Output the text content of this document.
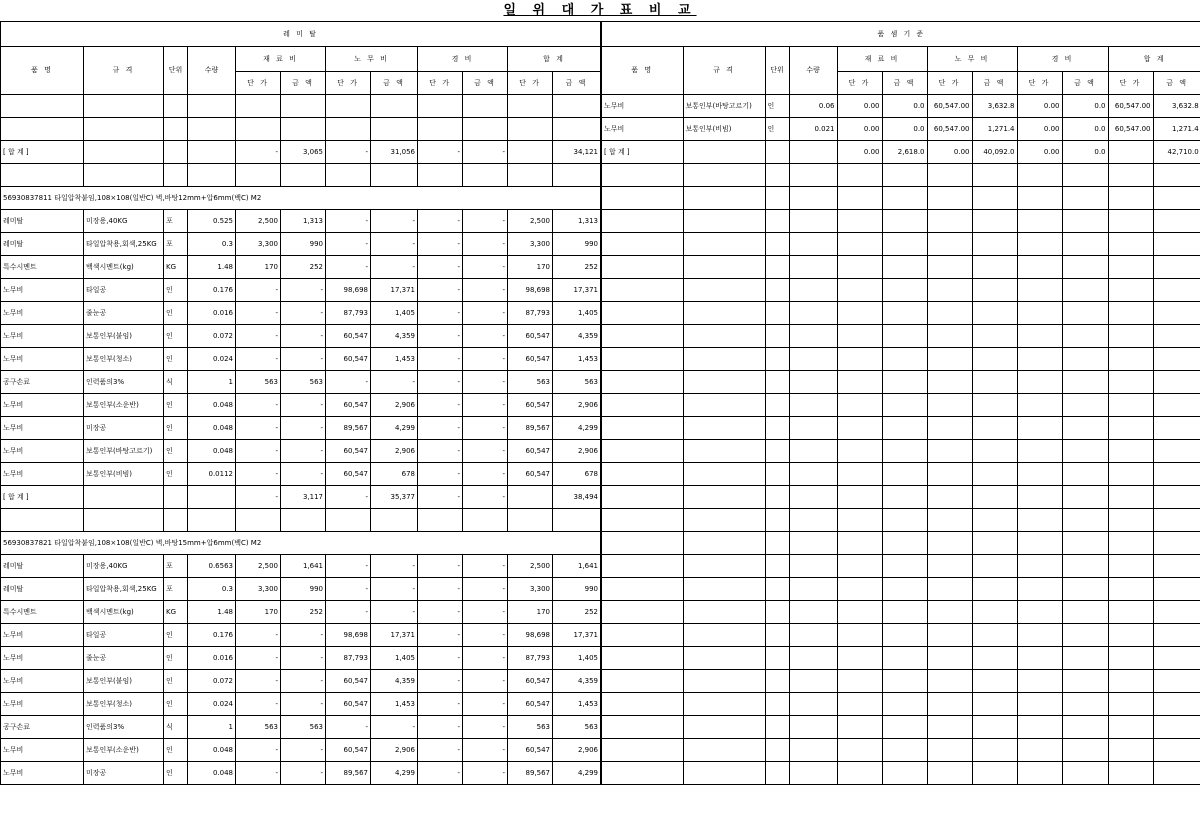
일 위 대 가 표 비 교
레 미 탈											
품 명	규 격	단위	수량	재 료 비		노 무 비		경 비		합 계	
				단 가	금 액	단 가	금 액	단 가	금 액	단 가	금 액

[ 합 계 ]				-	3,065	-	31,056	-	-		34,121

56930837811 타일압착붙임,108×108(일반C) 벽,바탕12mm+압6mm(백C) M2											
레미탈	미장용,40KG	포	0.525	2,500	1,313	-	-	-	-	2,500	1,313
레미탈	타일압착용,회색,25KG	포	0.3	3,300	990	-	-	-	-	3,300	990
특수시멘트	백색시멘트(kg)	KG	1.48	170	252	-	-	-	-	170	252
노무비	타일공	인	0.176	-	-	98,698	17,371	-	-	98,698	17,371
노무비	줄눈공	인	0.016	-	-	87,793	1,405	-	-	87,793	1,405
노무비	보통인부(붙임)	인	0.072	-	-	60,547	4,359	-	-	60,547	4,359
노무비	보통인부(청소)	인	0.024	-	-	60,547	1,453	-	-	60,547	1,453
공구손료	인력품의3%	식	1	563	563	-	-	-	-	563	563
노무비	보통인부(소운반)	인	0.048	-	-	60,547	2,906	-	-	60,547	2,906
노무비	미장공	인	0.048	-	-	89,567	4,299	-	-	89,567	4,299
노무비	보통인부(바탕고르기)	인	0.048	-	-	60,547	2,906	-	-	60,547	2,906
노무비	보통인부(비빔)	인	0.0112	-	-	60,547	678	-	-	60,547	678
[ 합 계 ]				-	3,117	-	35,377	-	-		38,494

56930837821 타일압착붙임,108×108(일반C) 벽,바탕15mm+압6mm(백C) M2											
레미탈	미장용,40KG	포	0.6563	2,500	1,641	-	-	-	-	2,500	1,641
레미탈	타일압착용,회색,25KG	포	0.3	3,300	990	-	-	-	-	3,300	990
특수시멘트	백색시멘트(kg)	KG	1.48	170	252	-	-	-	-	170	252
노무비	타일공	인	0.176	-	-	98,698	17,371	-	-	98,698	17,371
노무비	줄눈공	인	0.016	-	-	87,793	1,405	-	-	87,793	1,405
노무비	보통인부(붙임)	인	0.072	-	-	60,547	4,359	-	-	60,547	4,359
노무비	보통인부(청소)	인	0.024	-	-	60,547	1,453	-	-	60,547	1,453
공구손료	인력품의3%	식	1	563	563	-	-	-	-	563	563
노무비	보통인부(소운반)	인	0.048	-	-	60,547	2,906	-	-	60,547	2,906
노무비	미장공	인	0.048	-	-	89,567	4,299	-	-	89,567	4,299
품 셈 기 준											
품 명	규 격	단위	수량	재 료 비		노 무 비		경 비		합 계	
				단 가	금 액	단 가	금 액	단 가	금 액	단 가	금 액
노무비	보통인부(바탕고르기)	인	0.06	0.00	0.0	60,547.00	3,632.8	0.00	0.0	60,547.00	3,632.8
노무비	보통인부(비빔)	인	0.021	0.00	0.0	60,547.00	1,271.4	0.00	0.0	60,547.00	1,271.4
[ 합 계 ]				0.00	2,618.0	0.00	40,092.0	0.00	0.0		42,710.0
